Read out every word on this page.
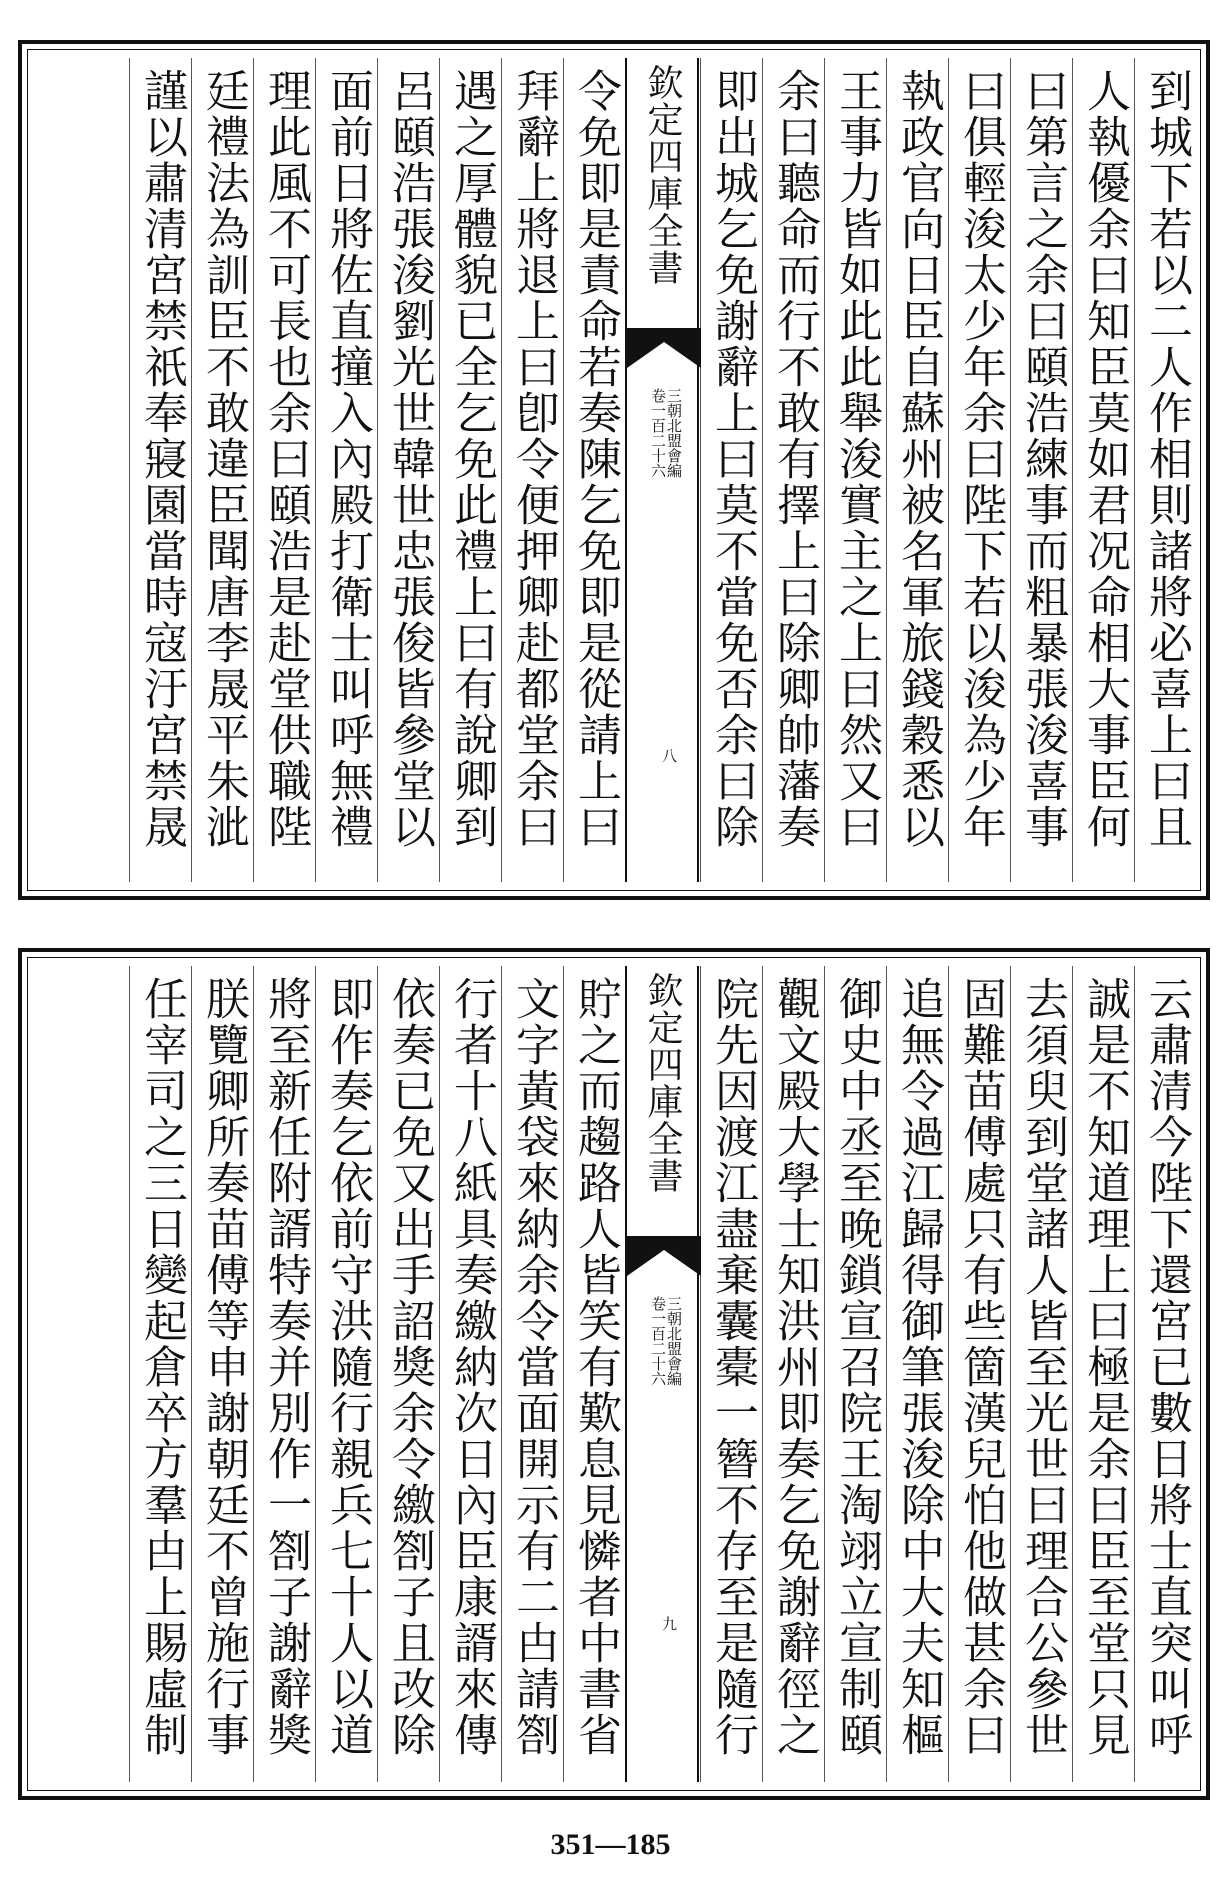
到城下若以二人作相則諸將必喜上曰且
人執優余曰知臣莫如君况命相大事臣何
曰第言之余曰頤浩練事而粗暴張浚喜事
曰俱輕浚太少年余曰陛下若以浚為少年
執政官向日臣自蘇州被名軍旅錢穀悉以
王事力皆如此此舉浚實主之上曰然又曰
余曰聽命而行不敢有擇上曰除卿帥藩奏
即出城乞免謝辭上曰莫不當免否余曰除
欽定四庫全書
三朝北盟會編
卷一百二十六
八
令免即是責命若奏陳乞免即是從請上曰
拜辭上將退上曰卽令便押卿赴都堂余曰
遇之厚體貌已全乞免此禮上曰有說卿到
呂頤浩張浚劉光世韓世忠張俊皆參堂以
面前日將佐直撞入內殿打衛士叫呼無禮
理此風不可長也余曰頤浩是赴堂供職陛
廷禮法為訓臣不敢違臣聞唐李晟平朱泚
謹以肅清宮禁祇奉寢園當時寇汙宮禁晟
云肅清今陛下還宮已數日將士直突叫呼
誠是不知道理上曰極是余曰臣至堂只見
去須臾到堂諸人皆至光世曰理合公參世
固難苗傅處只有些箇漢兒怕他做甚余曰
追無令過江歸得御筆張浚除中大夫知樞
御史中丞至晚鎖宣召院王淘翊立宣制頤
觀文殿大學士知洪州即奏乞免謝辭徑之
院先因渡江盡棄囊橐一簪不存至是隨行
欽定四庫全書
三朝北盟會編
卷一百二十六
九
貯之而趨路人皆笑有歎息見憐者中書省
文字黃袋來納余令當面開示有二甴請劄
行者十八紙具奏繳納次日內臣康諝來傳
依奏已免又出手詔獎余令繳劄子且改除
即作奏乞依前守洪隨行親兵七十人以道
將至新任附諝特奏并別作一劄子謝辭獎
朕覽卿所奏苗傅等申謝朝廷不曾施行事
任宰司之三日變起倉卒方羣甴上賜虛制
351—185
